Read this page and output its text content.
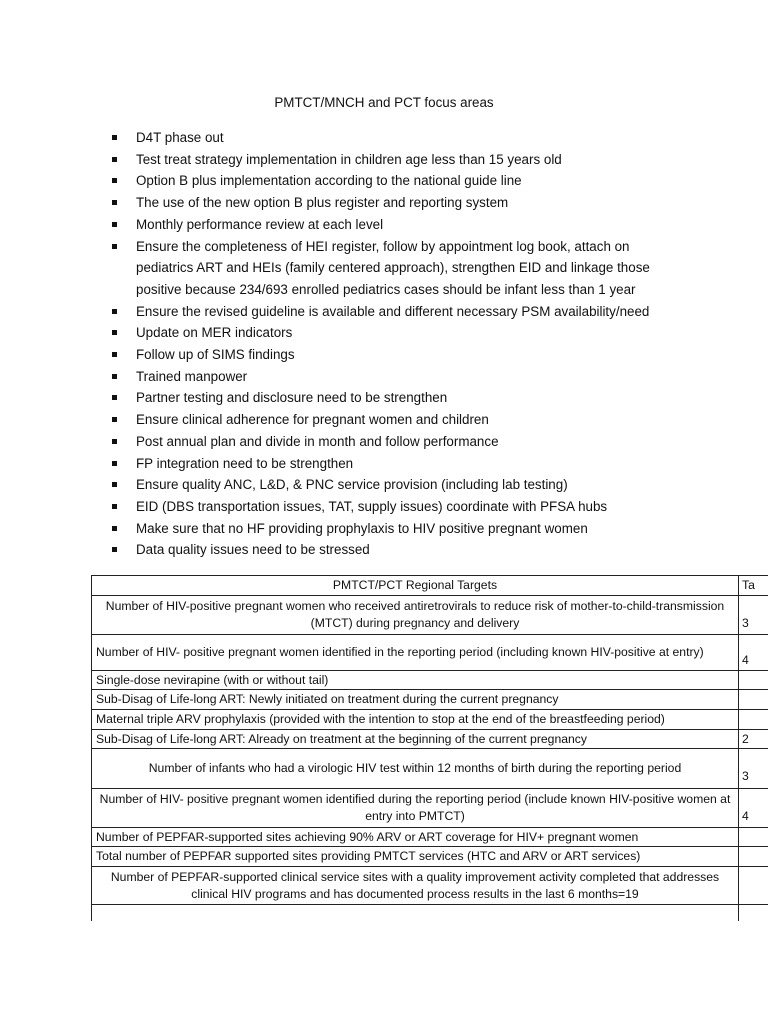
PMTCT/MNCH and PCT focus areas
D4T phase out
Test treat strategy implementation in children age less than 15 years old
Option B plus implementation according to the national guide line
The use of the new option B plus register and reporting system
Monthly performance review at each level
Ensure the completeness of HEI register, follow by appointment log book, attach on pediatrics ART and HEIs (family centered approach), strengthen EID and linkage those positive because 234/693 enrolled pediatrics cases should be infant less than 1 year
Ensure the revised guideline is available and different necessary PSM availability/need
Update on MER indicators
Follow up of SIMS findings
Trained manpower
Partner testing and disclosure need to be strengthen
Ensure clinical adherence for pregnant women and children
Post annual plan and divide in month and follow performance
FP integration need to be strengthen
Ensure quality ANC, L&D, & PNC service provision (including lab testing)
EID (DBS transportation issues, TAT, supply issues) coordinate with PFSA hubs
Make sure that no HF providing prophylaxis to HIV positive pregnant women
Data quality issues need to be stressed
PMTCT/PCT Regional Targets	Ta
Number of HIV-positive pregnant women who received antiretrovirals to reduce risk of mother-to-child-transmission (MTCT) during pregnancy and delivery	3

Number of HIV- positive pregnant women identified in the reporting period (including known HIV-positive at entry)	4

Single-dose nevirapine (with or without tail)	
Sub-Disag of Life-long ART: Newly initiated on treatment during the current pregnancy	
Maternal triple ARV prophylaxis (provided with the intention to stop at the end of the breastfeeding period)	
Sub-Disag of Life-long ART: Already on treatment at the beginning of the current pregnancy	2
Number of infants who had a virologic HIV test within 12 months of birth during the reporting period	3

Number of HIV- positive pregnant women identified during the reporting period (include known HIV-positive women at entry into PMTCT)	4

Number of PEPFAR-supported sites achieving 90% ARV or ART coverage for HIV+ pregnant women	
Total number of PEPFAR supported sites providing PMTCT services (HTC and ARV or ART services)	
Number of PEPFAR-supported clinical service sites with a quality improvement activity completed that addresses clinical HIV programs and has documented process results in the last 6 months=19	
